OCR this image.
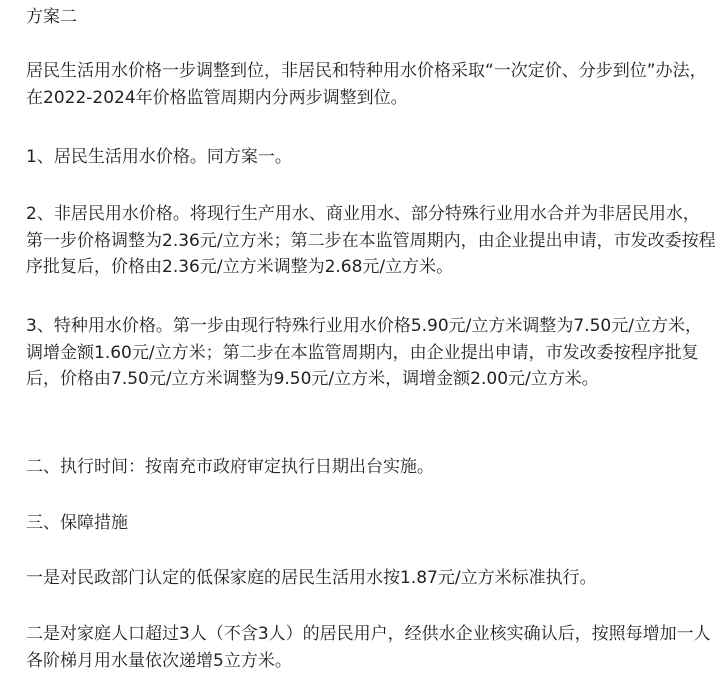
方案二

居民生活用水价格一步调整到位，非居民和特种用水价格采取“一次定价、分步到位”办法，在2022-2024年价格监管周期内分两步调整到位。

1、居民生活用水价格。同方案一。

2、非居民用水价格。将现行生产用水、商业用水、部分特殊行业用水合并为非居民用水，第一步价格调整为2.36元/立方米；第二步在本监管周期内，由企业提出申请，市发改委按程序批复后，价格由2.36元/立方米调整为2.68元/立方米。

3、特种用水价格。第一步由现行特殊行业用水价格5.90元/立方米调整为7.50元/立方米，调增金额1.60元/立方米；第二步在本监管周期内，由企业提出申请，市发改委按程序批复后，价格由7.50元/立方米调整为9.50元/立方米，调增金额2.00元/立方米。

二、执行时间：按南充市政府审定执行日期出台实施。

三、保障措施

一是对民政部门认定的低保家庭的居民生活用水按1.87元/立方米标准执行。

二是对家庭人口超过3人（不含3人）的居民用户，经供水企业核实确认后，按照每增加一人各阶梯月用水量依次递增5立方米。
